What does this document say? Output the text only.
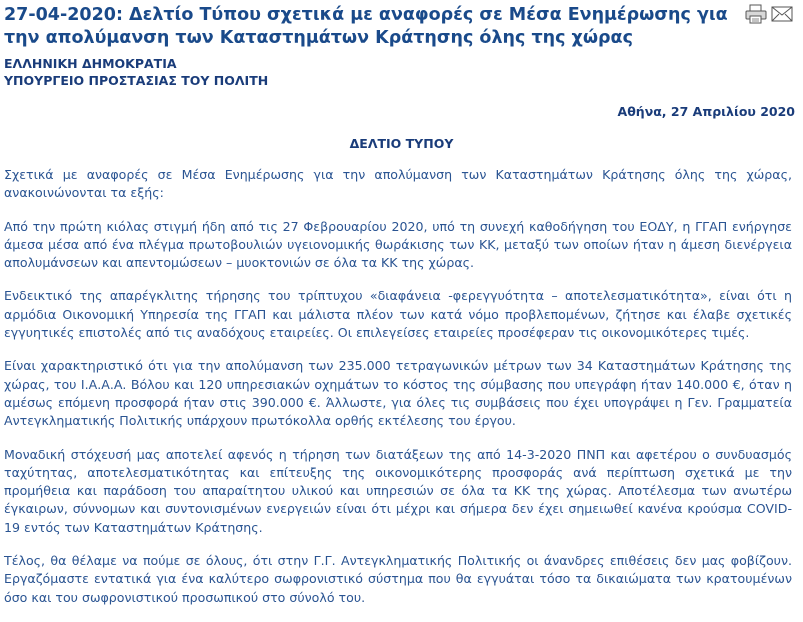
27-04-2020: Δελτίο Τύπου σχετικά με αναφορές σε Μέσα Ενημέρωσης για την απολύμανση των Καταστημάτων Κράτησης όλης της χώρας
ΕΛΛΗΝΙΚΗ ΔΗΜΟΚΡΑΤΙΑ
ΥΠΟΥΡΓΕΙΟ ΠΡΟΣΤΑΣΙΑΣ ΤΟΥ ΠΟΛΙΤΗ
Αθήνα, 27 Απριλίου 2020
ΔΕΛΤΙΟ ΤΥΠΟΥ

Σχετικά με αναφορές σε Μέσα Ενημέρωσης για την απολύμανση των Καταστημάτων Κράτησης όλης της χώρας, ανακοινώνονται τα εξής:

Από την πρώτη κιόλας στιγμή ήδη από τις 27 Φεβρουαρίου 2020, υπό τη συνεχή καθοδήγηση του ΕΟΔΥ, η ΓΓΑΠ ενήργησε άμεσα μέσα από ένα πλέγμα πρωτοβουλιών υγειονομικής θωράκισης των ΚΚ, μεταξύ των οποίων ήταν η άμεση διενέργεια απολυμάνσεων και απεντομώσεων – μυοκτονιών σε όλα τα ΚΚ της χώρας.

Ενδεικτικό της απαρέγκλιτης τήρησης του τρίπτυχου «διαφάνεια -φερεγγυότητα – αποτελεσματικότητα», είναι ότι η αρμόδια Οικονομική Υπηρεσία της ΓΓΑΠ και μάλιστα πλέον των κατά νόμο προβλεπομένων, ζήτησε και έλαβε σχετικές εγγυητικές επιστολές από τις αναδόχους εταιρείες. Οι επιλεγείσες εταιρείες προσέφεραν τις οικονομικότερες τιμές.

Είναι χαρακτηριστικό ότι για την απολύμανση των 235.000 τετραγωνικών μέτρων των 34 Καταστημάτων Κράτησης της χώρας, του Ι.Α.Α.Α. Βόλου και 120 υπηρεσιακών οχημάτων το κόστος της σύμβασης που υπεγράφη ήταν 140.000 €, όταν η αμέσως επόμενη προσφορά ήταν στις 390.000 €. Άλλωστε, για όλες τις συμβάσεις που έχει υπογράψει η Γεν. Γραμματεία Αντεγκληματικής Πολιτικής υπάρχουν πρωτόκολλα ορθής εκτέλεσης του έργου.

Μοναδική στόχευσή μας αποτελεί αφενός η τήρηση των διατάξεων της από 14-3-2020 ΠΝΠ και αφετέρου ο συνδυασμός ταχύτητας, αποτελεσματικότητας και επίτευξης της οικονομικότερης προσφοράς ανά περίπτωση σχετικά με την προμήθεια και παράδοση του απαραίτητου υλικού και υπηρεσιών σε όλα τα ΚΚ της χώρας. Αποτέλεσμα των ανωτέρω έγκαιρων, σύννομων και συντονισμένων ενεργειών είναι ότι μέχρι και σήμερα δεν έχει σημειωθεί κανένα κρούσμα COVID-19 εντός των Καταστημάτων Κράτησης.

Τέλος, θα θέλαμε να πούμε σε όλους, ότι στην Γ.Γ. Αντεγκληματικής Πολιτικής οι άνανδρες επιθέσεις δεν μας φοβίζουν. Εργαζόμαστε εντατικά για ένα καλύτερο σωφρονιστικό σύστημα που θα εγγυάται τόσο τα δικαιώματα των κρατουμένων όσο και του σωφρονιστικού προσωπικού στο σύνολό του.
